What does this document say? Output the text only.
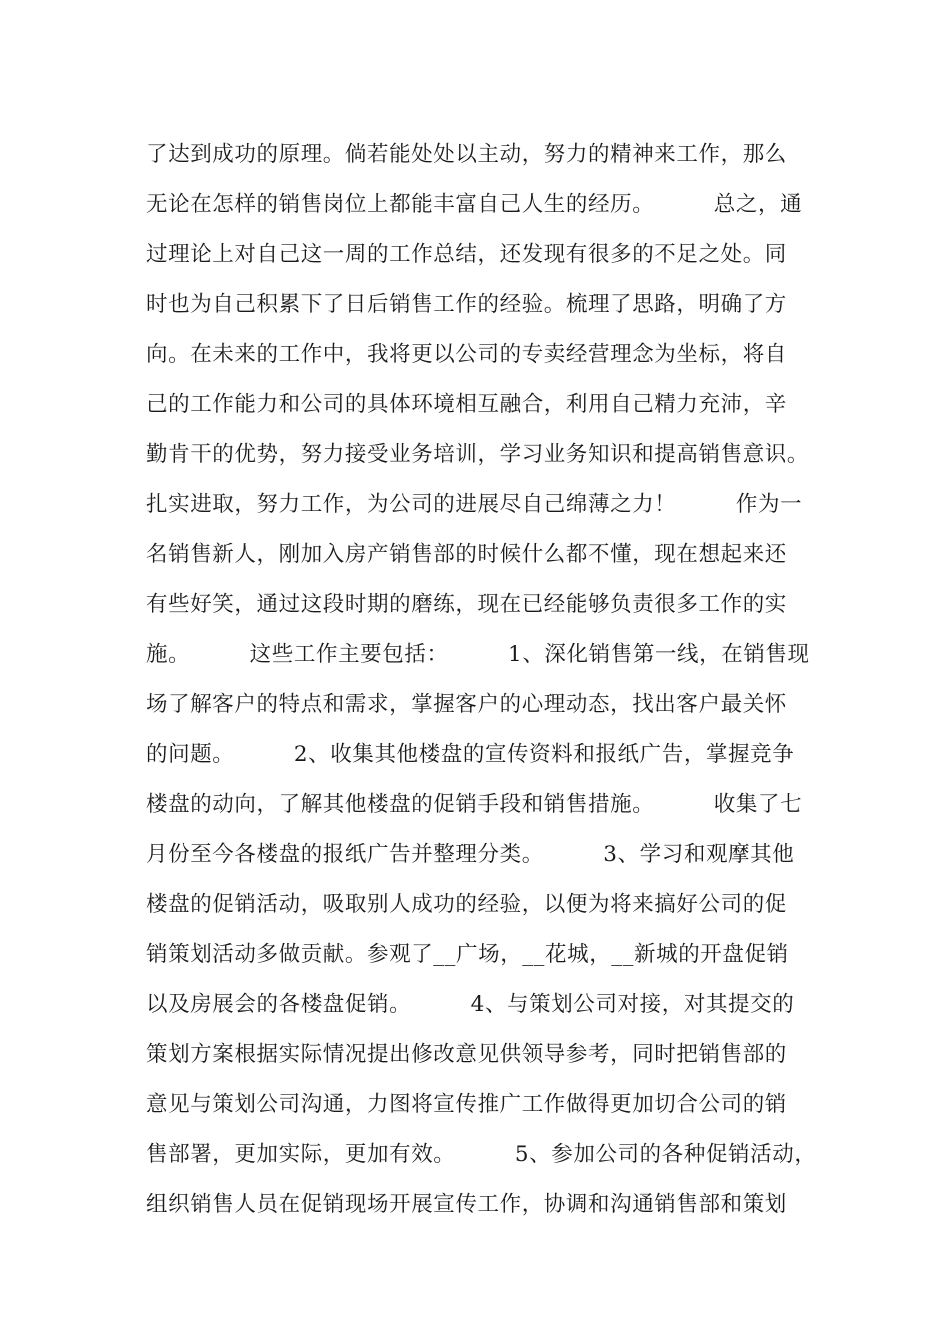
了达到成功的原理。倘若能处处以主动，努力的精神来工作，那么
无论在怎样的销售岗位上都能丰富自己人生的经历。        总之，通
过理论上对自己这一周的工作总结，还发现有很多的不足之处。同
时也为自己积累下了日后销售工作的经验。梳理了思路，明确了方
向。在未来的工作中，我将更以公司的专卖经营理念为坐标，将自
己的工作能力和公司的具体环境相互融合，利用自己精力充沛，辛
勤肯干的优势，努力接受业务培训，学习业务知识和提高销售意识。
扎实进取，努力工作，为公司的进展尽自己绵薄之力！        作为一
名销售新人，刚加入房产销售部的时候什么都不懂，现在想起来还
有些好笑，通过这段时期的磨练，现在已经能够负责很多工作的实
施。        这些工作主要包括：        1、深化销售第一线，在销售现
场了解客户的特点和需求，掌握客户的心理动态，找出客户最关怀
的问题。        2、收集其他楼盘的宣传资料和报纸广告，掌握竞争
楼盘的动向，了解其他楼盘的促销手段和销售措施。        收集了七
月份至今各楼盘的报纸广告并整理分类。        3、学习和观摩其他
楼盘的促销活动，吸取别人成功的经验，以便为将来搞好公司的促
销策划活动多做贡献。参观了__广场，__花城，__新城的开盘促销
以及房展会的各楼盘促销。        4、与策划公司对接，对其提交的
策划方案根据实际情况提出修改意见供领导参考，同时把销售部的
意见与策划公司沟通，力图将宣传推广工作做得更加切合公司的销
售部署，更加实际，更加有效。        5、参加公司的各种促销活动，
组织销售人员在促销现场开展宣传工作，协调和沟通销售部和策划
